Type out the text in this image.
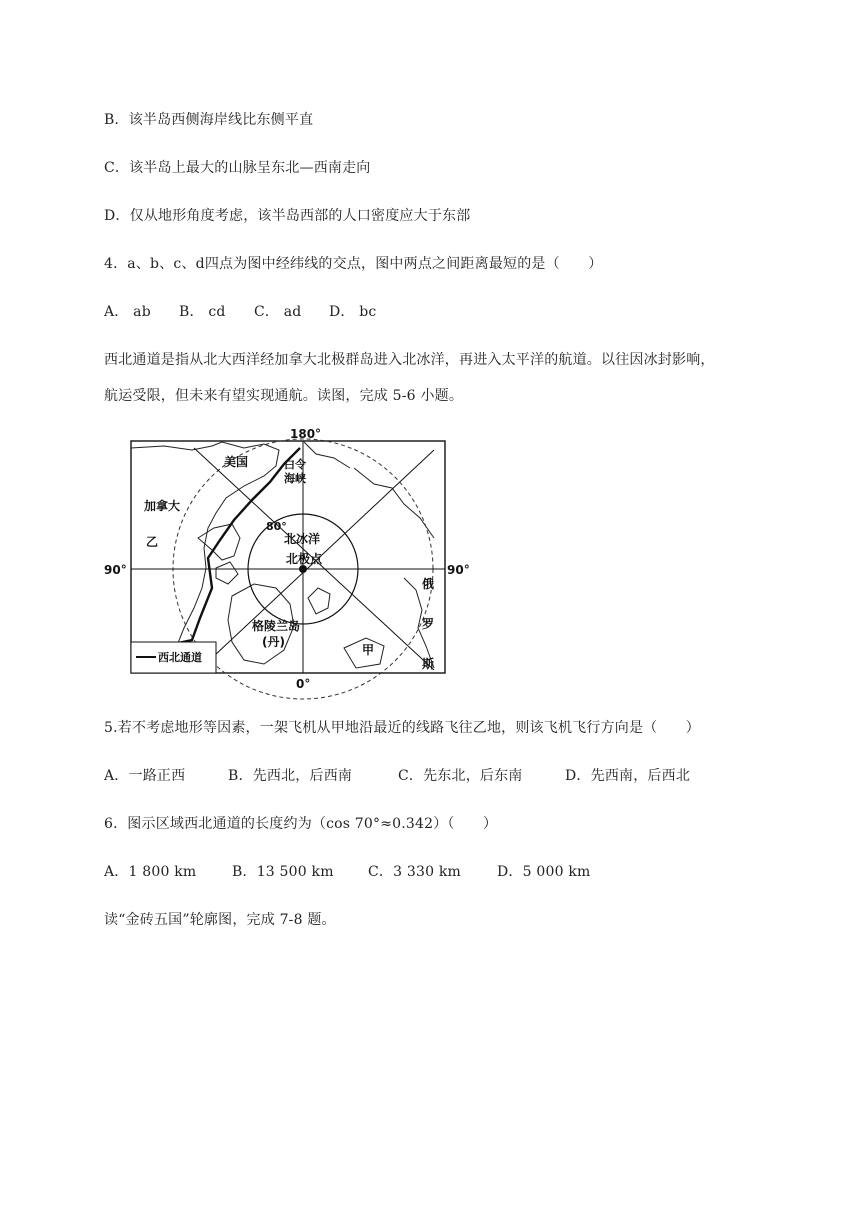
B．该半岛西侧海岸线比东侧平直
C．该半岛上最大的山脉呈东北—西南走向
D．仅从地形角度考虑，该半岛西部的人口密度应大于东部
4．a、b、c、d四点为图中经纬线的交点，图中两点之间距离最短的是（　　）
A． ab B． cd C． ad D． bc
西北通道是指从北大西洋经加拿大北极群岛进入北冰洋，再进入太平洋的航道。以往因冰封影响，
航运受限，但未来有望实现通航。读图，完成 5-6 小题。
180°
0°
90°	90°
美国	白令
海峡
加拿大
80°
北冰洋
北极点
乙
格陵兰岛
(丹)
甲
俄
罗
斯
西北通道
5.若不考虑地形等因素，一架飞机从甲地沿最近的线路飞往乙地，则该飞机飞行方向是（　　）
A．一路正西	B．先西北，后西南	C．先东北，后东南	D．先西南，后西北
6．图示区域西北通道的长度约为（cos 70°≈0.342）（　　）
A．1 800 km	B．13 500 km C．3 330 km	D．5 000 km
读“金砖五国”轮廓图，完成 7-8 题。
